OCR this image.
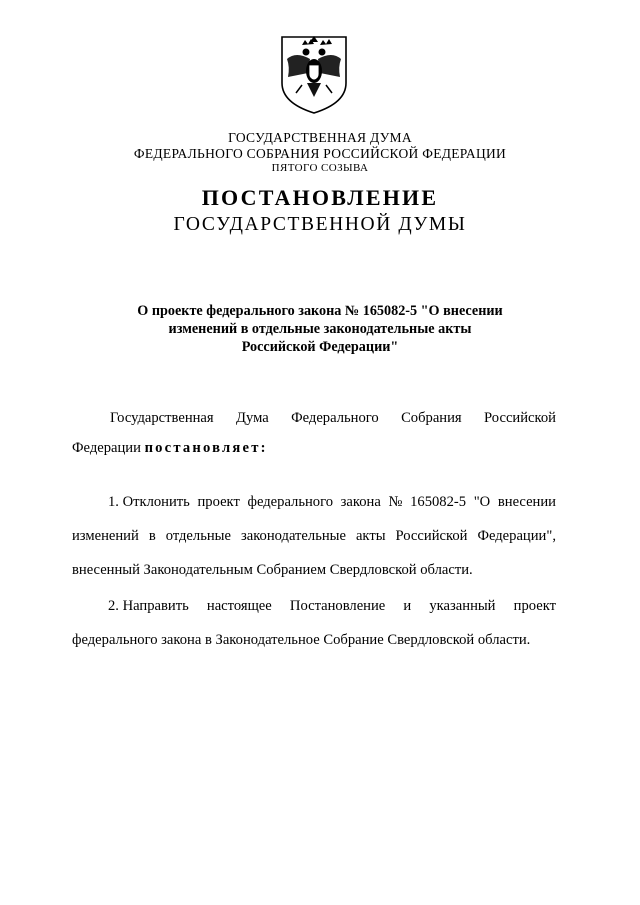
ГОСУДАРСТВЕННАЯ ДУМА
ФЕДЕРАЛЬНОГО СОБРАНИЯ РОССИЙСКОЙ ФЕДЕРАЦИИ
ПЯТОГО СОЗЫВА
ПОСТАНОВЛЕНИЕ
ГОСУДАРСТВЕННОЙ ДУМЫ
О проекте федерального закона № 165082-5 "О внесении
изменений в отдельные законодательные акты
Российской Федерации"
Государственная Дума Федерального Собрания Российской
Федерации постановляет:
1. Отклонить проект федерального закона № 165082-5 "О внесении
изменений в отдельные законодательные акты Российской Федерации",
внесенный Законодательным Собранием Свердловской области.
2. Направить настоящее Постановление и указанный проект
федерального закона в Законодательное Собрание Свердловской области.
